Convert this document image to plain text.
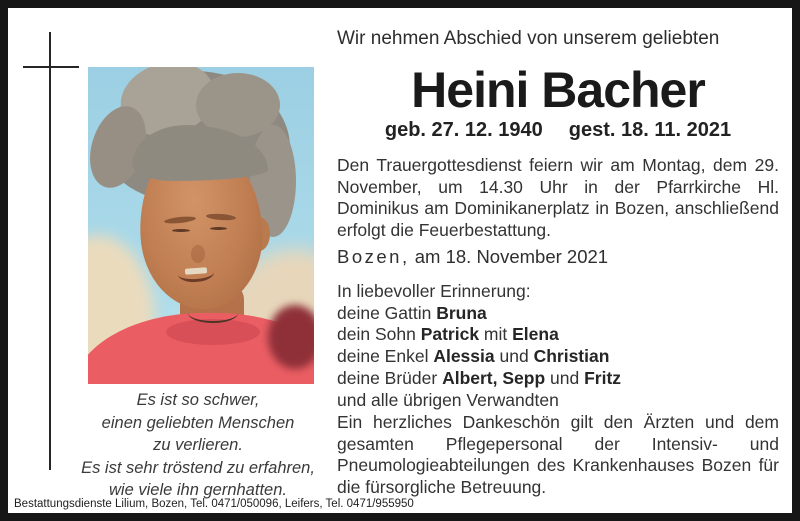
Es ist so schwer,
einen geliebten Menschen
zu verlieren.
Es ist sehr tröstend zu erfahren,
wie viele ihn gernhatten.
Wir nehmen Abschied von unserem geliebten
Heini Bacher
geb. 27. 12. 1940 gest. 18. 11. 2021
Den Trauergottesdienst feiern wir am Montag, dem 29. November, um 14.30 Uhr in der Pfarrkirche Hl. Dominikus am Dominikanerplatz in Bozen, anschließend erfolgt die Feuerbestattung.
Bozen, am 18. November 2021
In liebevoller Erinnerung:
deine Gattin Bruna
dein Sohn Patrick mit Elena
deine Enkel Alessia und Christian
deine Brüder Albert, Sepp und Fritz
und alle übrigen Verwandten
Ein herzliches Dankeschön gilt den Ärzten und dem gesamten Pflegepersonal der Intensiv- und Pneumologieabteilungen des Krankenhauses Bozen für die fürsorgliche Betreuung.
Bestattungsdienste Lilium, Bozen, Tel. 0471/050096, Leifers, Tel. 0471/955950
